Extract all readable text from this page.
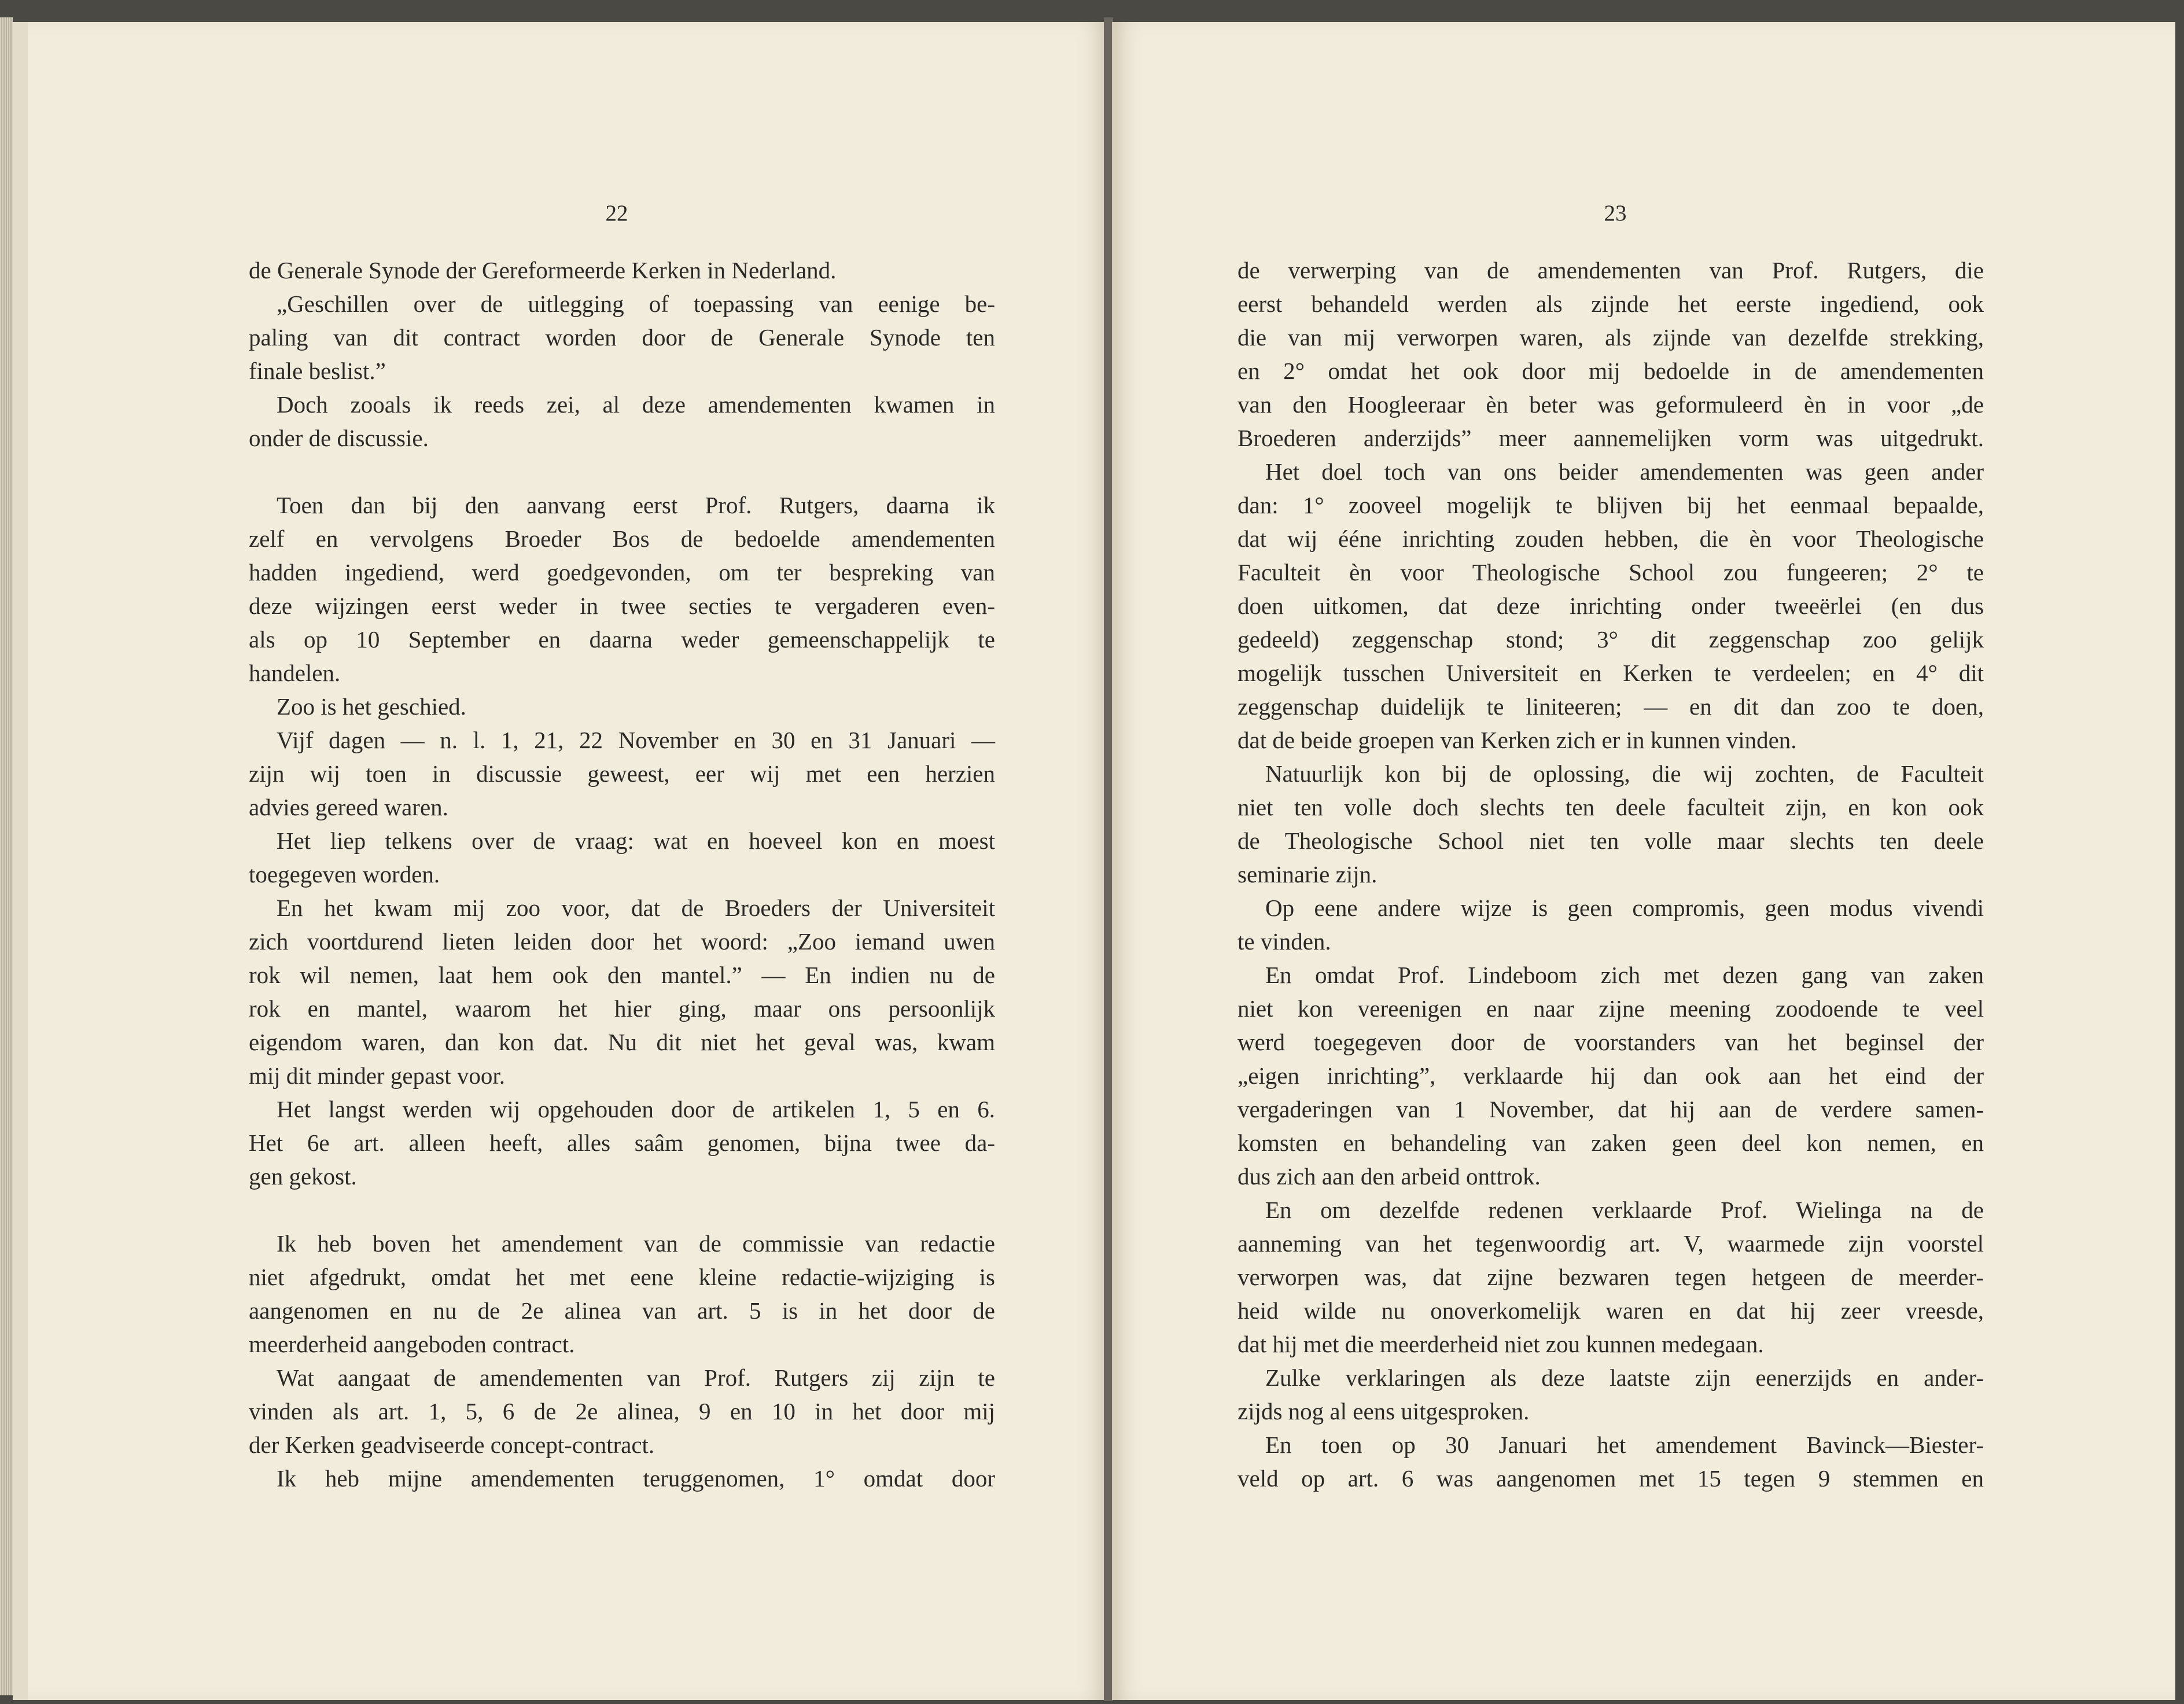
22
de Generale Synode der Gereformeerde Kerken in Nederland.
„Geschillen over de uitlegging of toepassing van eenige be-
paling van dit contract worden door de Generale Synode ten
finale beslist.”
Doch zooals ik reeds zei, al deze amendementen kwamen in
onder de discussie.
Toen dan bij den aanvang eerst Prof. Rutgers, daarna ik
zelf en vervolgens Broeder Bos de bedoelde amendementen
hadden ingediend, werd goedgevonden, om ter bespreking van
deze wijzingen eerst weder in twee secties te vergaderen even-
als op 10 September en daarna weder gemeenschappelijk te
handelen.
Zoo is het geschied.
Vijf dagen — n. l. 1, 21, 22 November en 30 en 31 Januari —
zijn wij toen in discussie geweest, eer wij met een herzien
advies gereed waren.
Het liep telkens over de vraag: wat en hoeveel kon en moest
toegegeven worden.
En het kwam mij zoo voor, dat de Broeders der Universiteit
zich voortdurend lieten leiden door het woord: „Zoo iemand uwen
rok wil nemen, laat hem ook den mantel.” — En indien nu de
rok en mantel, waarom het hier ging, maar ons persoonlijk
eigendom waren, dan kon dat. Nu dit niet het geval was, kwam
mij dit minder gepast voor.
Het langst werden wij opgehouden door de artikelen 1, 5 en 6.
Het 6e art. alleen heeft, alles saâm genomen, bijna twee da-
gen gekost.
Ik heb boven het amendement van de commissie van redactie
niet afgedrukt, omdat het met eene kleine redactie-wijziging is
aangenomen en nu de 2e alinea van art. 5 is in het door de
meerderheid aangeboden contract.
Wat aangaat de amendementen van Prof. Rutgers zij zijn te
vinden als art. 1, 5, 6 de 2e alinea, 9 en 10 in het door mij
der Kerken geadviseerde concept-contract.
Ik heb mijne amendementen teruggenomen, 1° omdat door
23
de verwerping van de amendementen van Prof. Rutgers, die
eerst behandeld werden als zijnde het eerste ingediend, ook
die van mij verworpen waren, als zijnde van dezelfde strekking,
en 2° omdat het ook door mij bedoelde in de amendementen
van den Hoogleeraar èn beter was geformuleerd èn in voor „de
Broederen anderzijds” meer aannemelijken vorm was uitgedrukt.
Het doel toch van ons beider amendementen was geen ander
dan: 1° zooveel mogelijk te blijven bij het eenmaal bepaalde,
dat wij ééne inrichting zouden hebben, die èn voor Theologische
Faculteit èn voor Theologische School zou fungeeren; 2° te
doen uitkomen, dat deze inrichting onder tweeërlei (en dus
gedeeld) zeggenschap stond; 3° dit zeggenschap zoo gelijk
mogelijk tusschen Universiteit en Kerken te verdeelen; en 4° dit
zeggenschap duidelijk te liniteeren; — en dit dan zoo te doen,
dat de beide groepen van Kerken zich er in kunnen vinden.
Natuurlijk kon bij de oplossing, die wij zochten, de Faculteit
niet ten volle doch slechts ten deele faculteit zijn, en kon ook
de Theologische School niet ten volle maar slechts ten deele
seminarie zijn.
Op eene andere wijze is geen compromis, geen modus vivendi
te vinden.
En omdat Prof. Lindeboom zich met dezen gang van zaken
niet kon vereenigen en naar zijne meening zoodoende te veel
werd toegegeven door de voorstanders van het beginsel der
„eigen inrichting”, verklaarde hij dan ook aan het eind der
vergaderingen van 1 November, dat hij aan de verdere samen-
komsten en behandeling van zaken geen deel kon nemen, en
dus zich aan den arbeid onttrok.
En om dezelfde redenen verklaarde Prof. Wielinga na de
aanneming van het tegenwoordig art. V, waarmede zijn voorstel
verworpen was, dat zijne bezwaren tegen hetgeen de meerder-
heid wilde nu onoverkomelijk waren en dat hij zeer vreesde,
dat hij met die meerderheid niet zou kunnen medegaan.
Zulke verklaringen als deze laatste zijn eenerzijds en ander-
zijds nog al eens uitgesproken.
En toen op 30 Januari het amendement Bavinck—Biester-
veld op art. 6 was aangenomen met 15 tegen 9 stemmen en
